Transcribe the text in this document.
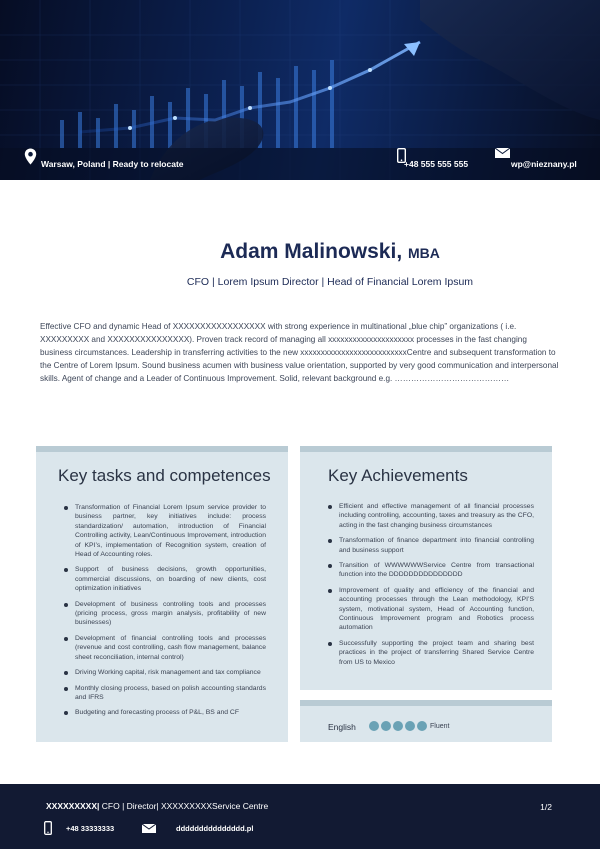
Warsaw, Poland | Ready to relocate	+48 555 555 555	wp@nieznany.pl
Adam Malinowski, MBA
CFO | Lorem Ipsum Director | Head of Financial Lorem Ipsum
Effective CFO and dynamic Head of XXXXXXXXXXXXXXXXX with strong experience in multinational „blue chip” organizations ( i.e. XXXXXXXXX and XXXXXXXXXXXXXXX). Proven track record of managing all xxxxxxxxxxxxxxxxxxxxx processes in the fast changing business circumstances. Leadership in transferring activities to the new xxxxxxxxxxxxxxxxxxxxxxxxxxCentre and subsequent transformation to the Centre of Lorem Ipsum. Sound business acumen with business value orientation, supported by very good communication and interpersonal skills. Agent of change and a Leader of Continuous Improvement. Solid, relevant background e.g. ……………………………………
Key tasks and competences
Transformation of Financial Lorem Ipsum service provider to business partner, key initiatives include: process standardization/ automation, introduction of Financial Controlling activity, Lean/Continuous Improvement, introduction of KPI’s, implementation of Recognition system, creation of Head of Accounting roles.
Support of business decisions, growth opportunities, commercial discussions, on boarding of new clients, cost optimization initiatives
Development of business controlling tools and processes (pricing process, gross margin analysis, profitability of new businesses)
Development of financial controlling tools and processes (revenue and cost controlling, cash flow management, balance sheet reconciliation, internal control)
Driving Working capital, risk management and tax compliance
Monthly closing process, based on polish accounting standards and IFRS
Budgeting and forecasting process of P&L, BS and CF
Key Achievements
Efficient and effective management of all financial processes including controlling, accounting, taxes and treasury as the CFO, acting in the fast changing business circumstances
Transformation of finance department into financial controlling and business support
Transition of WWWWWWService Centre from transactional function into the DDDDDDDDDDDDDDD
Improvement of quality and efficiency of the financial and accounting processes through the Lean methodology, KPI’S system, motivational system, Head of Accounting function, Continuous Improvement program and Robotics process automation
Successfully supporting the project team and sharing best practices in the project of transferring Shared Service Centre from US to Mexico
English	Fluent
XXXXXXXXX| CFO | Director| XXXXXXXXXService Centre	1/2
+48 33333333	ddddddddddddddd.pl
